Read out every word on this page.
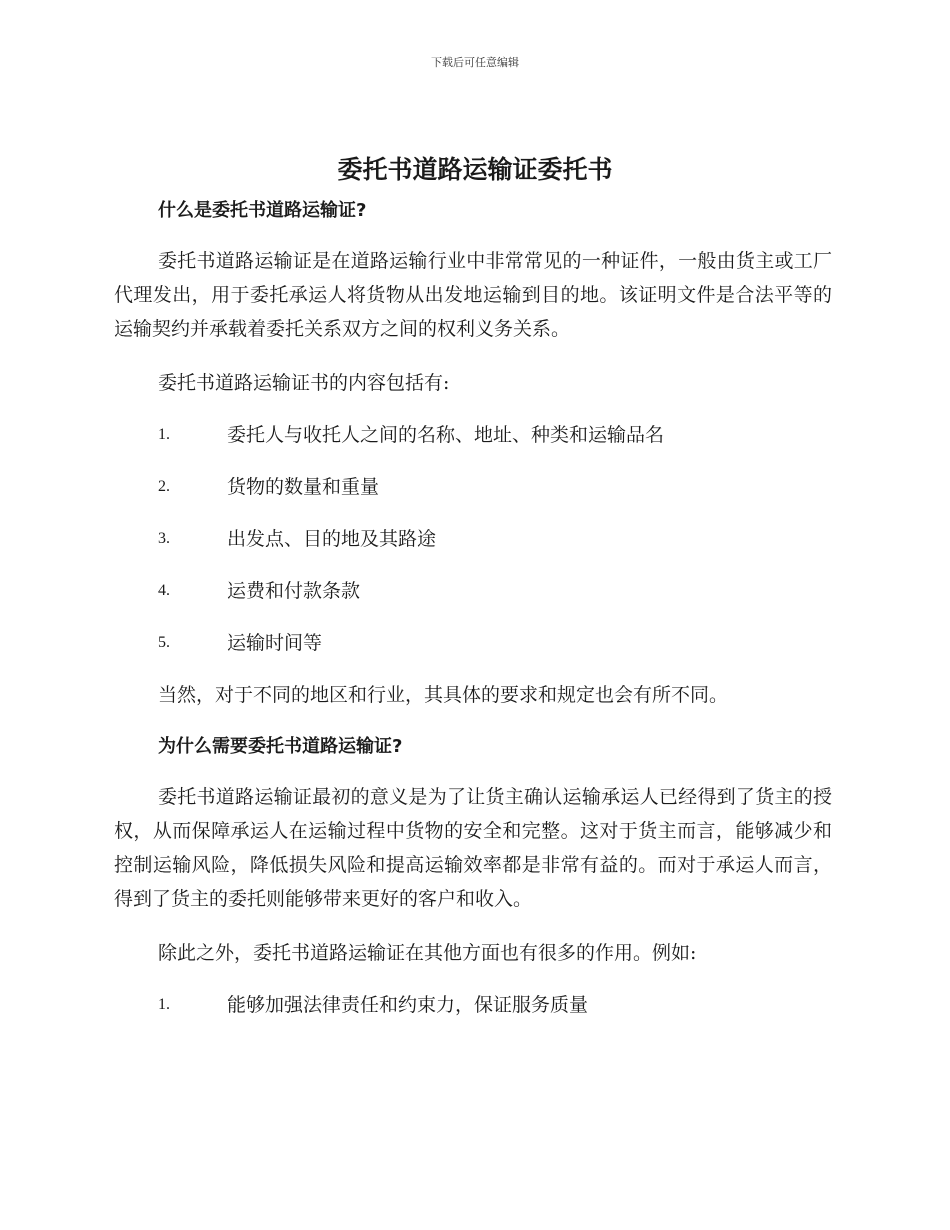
下载后可任意编辑
委托书道路运输证委托书
什么是委托书道路运输证?

委托书道路运输证是在道路运输行业中非常常见的一种证件，一般由货主或工厂代理发出，用于委托承运人将货物从出发地运输到目的地。该证明文件是合法平等的运输契约并承载着委托关系双方之间的权利义务关系。

委托书道路运输证书的内容包括有:

1.	委托人与收托人之间的名称、地址、种类和运输品名
2.	货物的数量和重量
3.	出发点、目的地及其路途
4.	运费和付款条款
5.	运输时间等

当然，对于不同的地区和行业，其具体的要求和规定也会有所不同。

为什么需要委托书道路运输证?

委托书道路运输证最初的意义是为了让货主确认运输承运人已经得到了货主的授权，从而保障承运人在运输过程中货物的安全和完整。这对于货主而言，能够减少和控制运输风险，降低损失风险和提高运输效率都是非常有益的。而对于承运人而言，得到了货主的委托则能够带来更好的客户和收入。

除此之外，委托书道路运输证在其他方面也有很多的作用。例如:

1.	能够加强法律责任和约束力，保证服务质量
